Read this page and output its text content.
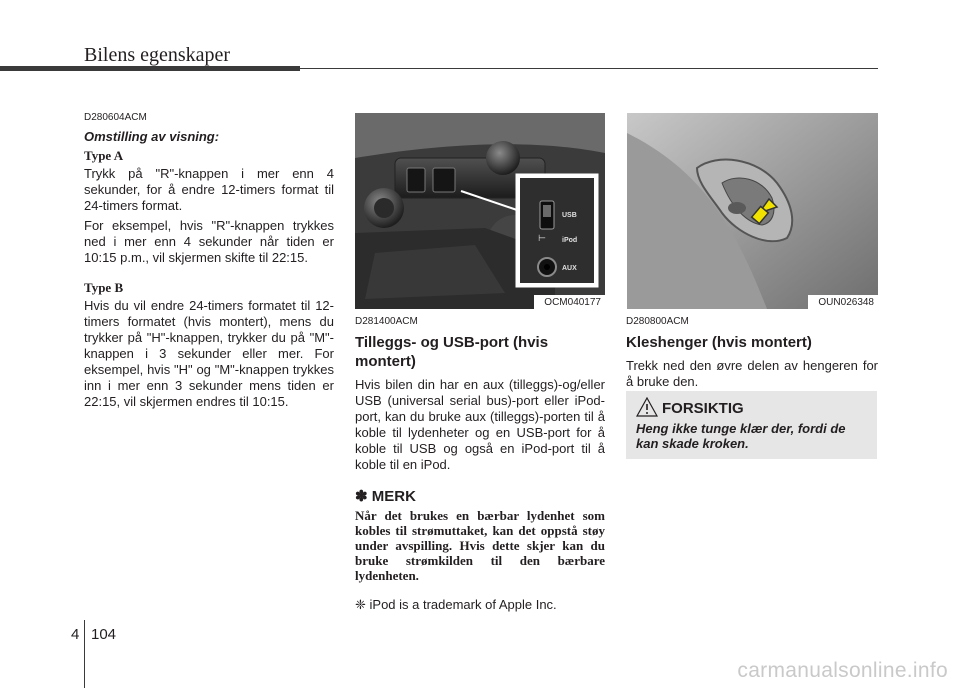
Bilens egenskaper
D280604ACM
Omstilling av visning:
Type A

Trykk på "R"-knappen i mer enn 4 sekunder, for å endre 12-timers format til 24-timers format.

For eksempel, hvis "R"-knappen trykkes ned i mer enn 4 sekunder når tiden er 10:15 p.m., vil skjermen skifte til 22:15.

Type B

Hvis du vil endre 24-timers formatet til 12-timers formatet (hvis montert), mens du trykker på "H"-knappen, trykker du på "M"-knappen i 3 sekunder eller mer. For eksempel, hvis "H" og "M"-knappen trykkes inn i mer enn 3 sekunder mens tiden er 22:15, vil skjermen endres til 10:15.

⊢
USB
iPod
AUX
OCM040177	OUN026348
D281400ACM
Tilleggs- og USB-port (hvis montert)

Hvis bilen din har en aux (tilleggs)-og/eller USB (universal serial bus)-port eller iPod-port, kan du bruke aux (tilleggs)-porten til å koble til lydenheter og en USB-port for å koble til USB og også en iPod-port til å koble til en iPod.

✽ MERK

Når det brukes en bærbar lydenhet som kobles til strømuttaket, kan det oppstå støy under avspilling. Hvis dette skjer kan du bruke strømkilden til den bærbare lydenheten.

❈ iPod is a trademark of Apple Inc.
D280800ACM
Kleshenger (hvis montert)

Trekk ned den øvre delen av hengeren for å bruke den.

FORSIKTIG
Heng ikke tunge klær der, fordi de kan skade kroken.
4 104
carmanualsonline.info
